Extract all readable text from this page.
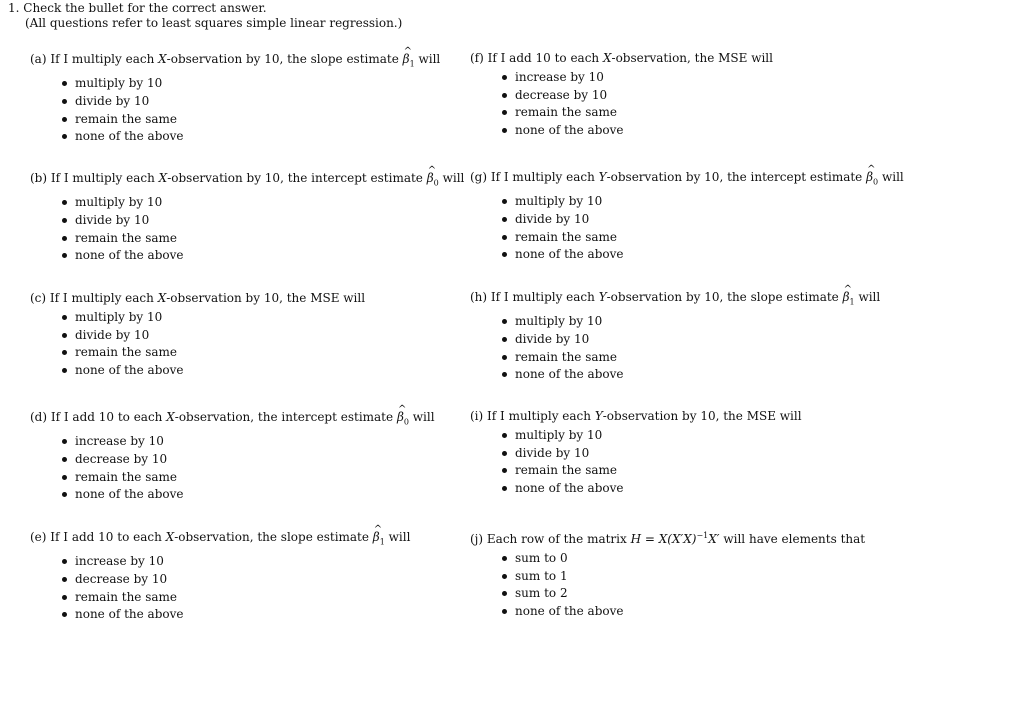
1. Check the bullet for the correct answer.
(All questions refer to least squares simple linear regression.)
(a) If I multiply each X-observation by 10, the slope estimate β $\^{}_1$ will
multiply by 10
divide by 10
remain the same
none of the above
(b) If I multiply each X-observation by 10, the intercept estimate β $\^{}_0$ will
multiply by 10
divide by 10
remain the same
none of the above
(c) If I multiply each X-observation by 10, the MSE will
multiply by 10
divide by 10
remain the same
none of the above
(d) If I add 10 to each X-observation, the intercept estimate β $\^{}_0$ will
increase by 10
decrease by 10
remain the same
none of the above
(e) If I add 10 to each X-observation, the slope estimate β $\^{}_1$ will
increase by 10
decrease by 10
remain the same
none of the above
(f) If I add 10 to each X-observation, the MSE will
increase by 10
decrease by 10
remain the same
none of the above
(g) If I multiply each Y-observation by 10, the intercept estimate β $\^{}_0$ will
multiply by 10
divide by 10
remain the same
none of the above
(h) If I multiply each Y-observation by 10, the slope estimate β $\^{}_1$ will
multiply by 10
divide by 10
remain the same
none of the above
(i) If I multiply each Y-observation by 10, the MSE will
multiply by 10
divide by 10
remain the same
none of the above
(j) Each row of the matrix $H = X(X'X)^{-1}X'$ will have elements that
sum to 0
sum to 1
sum to 2
none of the above
